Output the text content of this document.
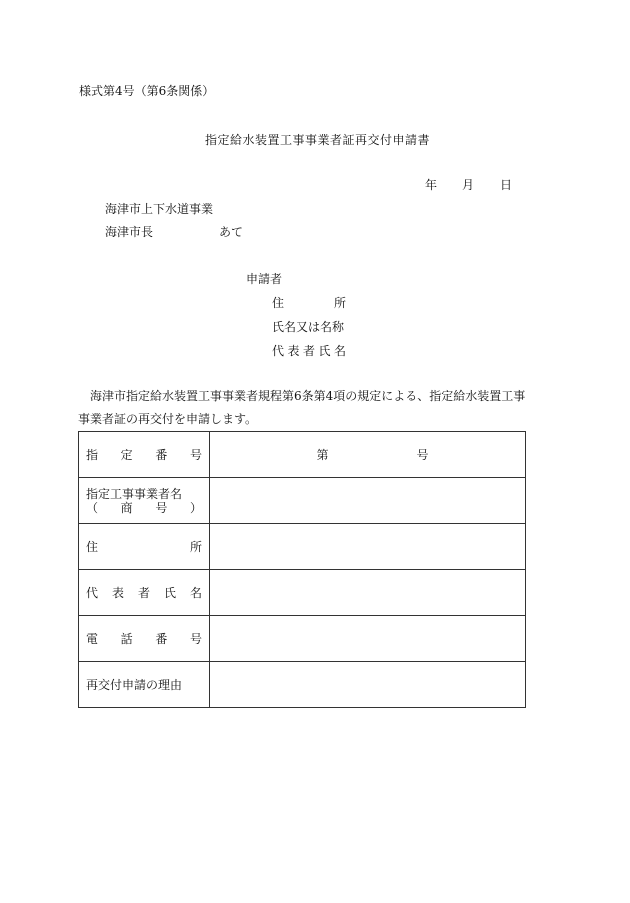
様式第4号（第6条関係）
指定給水装置工事事業者証再交付申請書
年 月 日
海津市上下水道事業
海津市長	あて
申請者
住	所
氏名又は名称
代 表 者 氏 名
海津市指定給水装置工事事業者規程第6条第4項の規定による、指定給水装置工事事業者証の再交付を申請します。
指 定 番 号	第 号

指定工事事業者名
（ 商 号 ）	

住 所	

代 表 者 氏 名	

電 話 番 号	

再交付申請の理由	
